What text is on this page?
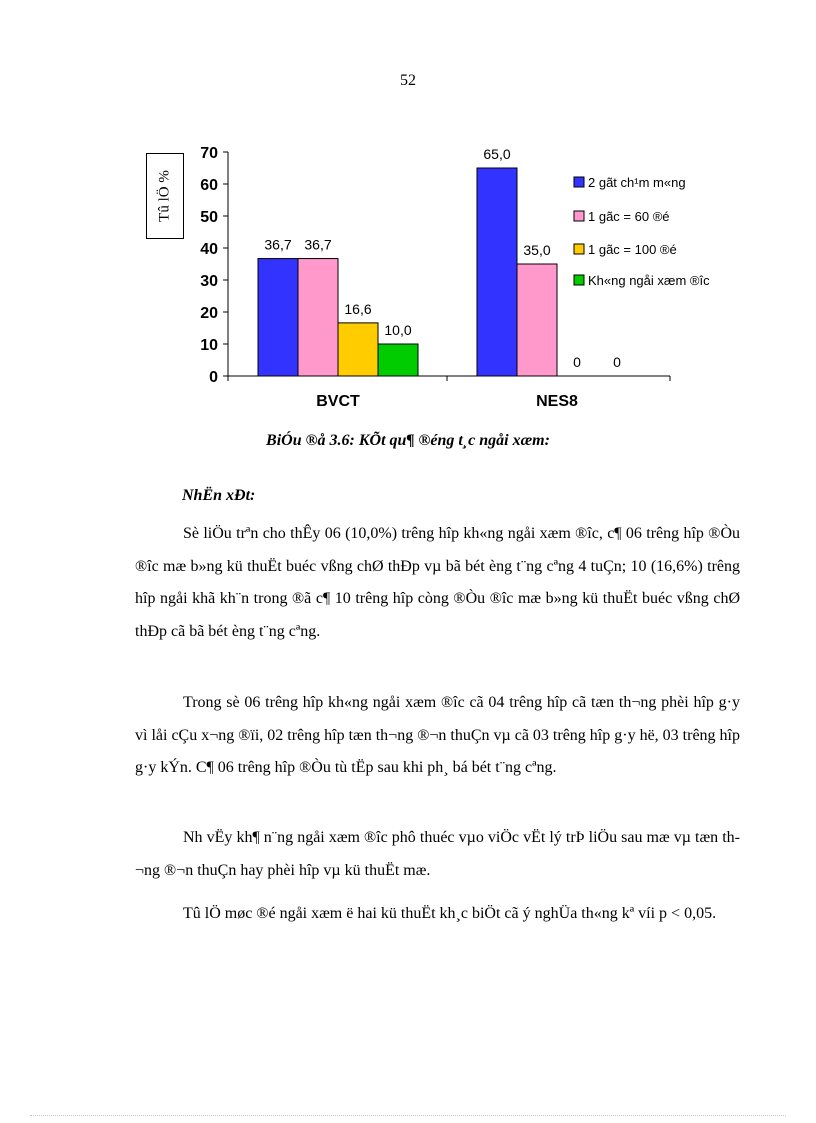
52
0
10
20
30
40
50
60
70
36,7 36,7
16,6
10,0
BVCT
65,0
35,0
0 0
NES8
2 gãt ch¹m m«ng
1 gãc = 60 ®é
1 gãc = 100 ®é
Kh«ng ngåi xæm ®îc
Tû lÖ %
BiÓu ®å 3.6: KÕt qu¶ ®éng t¸c ngåi xæm:
NhËn xÐt:

Sè liÖu trªn cho thÊy 06 (10,0%) trêng hîp kh«ng ngåi xæm ®îc, c¶ 06 trêng hîp ®Òu ®îc mæ b»ng kü thuËt buéc vßng chØ thÐp vµ bã bét èng t¨ng cªng 4 tuÇn; 10 (16,6%) trêng hîp ngåi khã kh¨n trong ®ã c¶ 10 trêng hîp còng ®Òu ®îc mæ b»ng kü thuËt buéc vßng chØ thÐp cã bã bét èng t¨ng cªng.

Trong sè 06 trêng hîp kh«ng ngåi xæm ®îc cã 04 trêng hîp cã tæn th¬ng phèi hîp g·y vì låi cÇu x¬ng ®ïi, 02 trêng hîp tæn th¬ng ®¬n thuÇn vµ cã 03 trêng hîp g·y hë, 03 trêng hîp g·y kÝn. C¶ 06 trêng hîp ®Òu tù tËp sau khi ph¸ bá bét t¨ng cªng.

Nh vËy kh¶ n¨ng ngåi xæm ®îc phô thuéc vµo viÖc vËt lý trÞ liÖu sau mæ vµ tæn th¬ng ®¬n thuÇn hay phèi hîp vµ kü thuËt mæ.

Tû lÖ møc ®é ngåi xæm ë hai kü thuËt kh¸c biÖt cã ý nghÜa th«ng kª víi p < 0,05.
